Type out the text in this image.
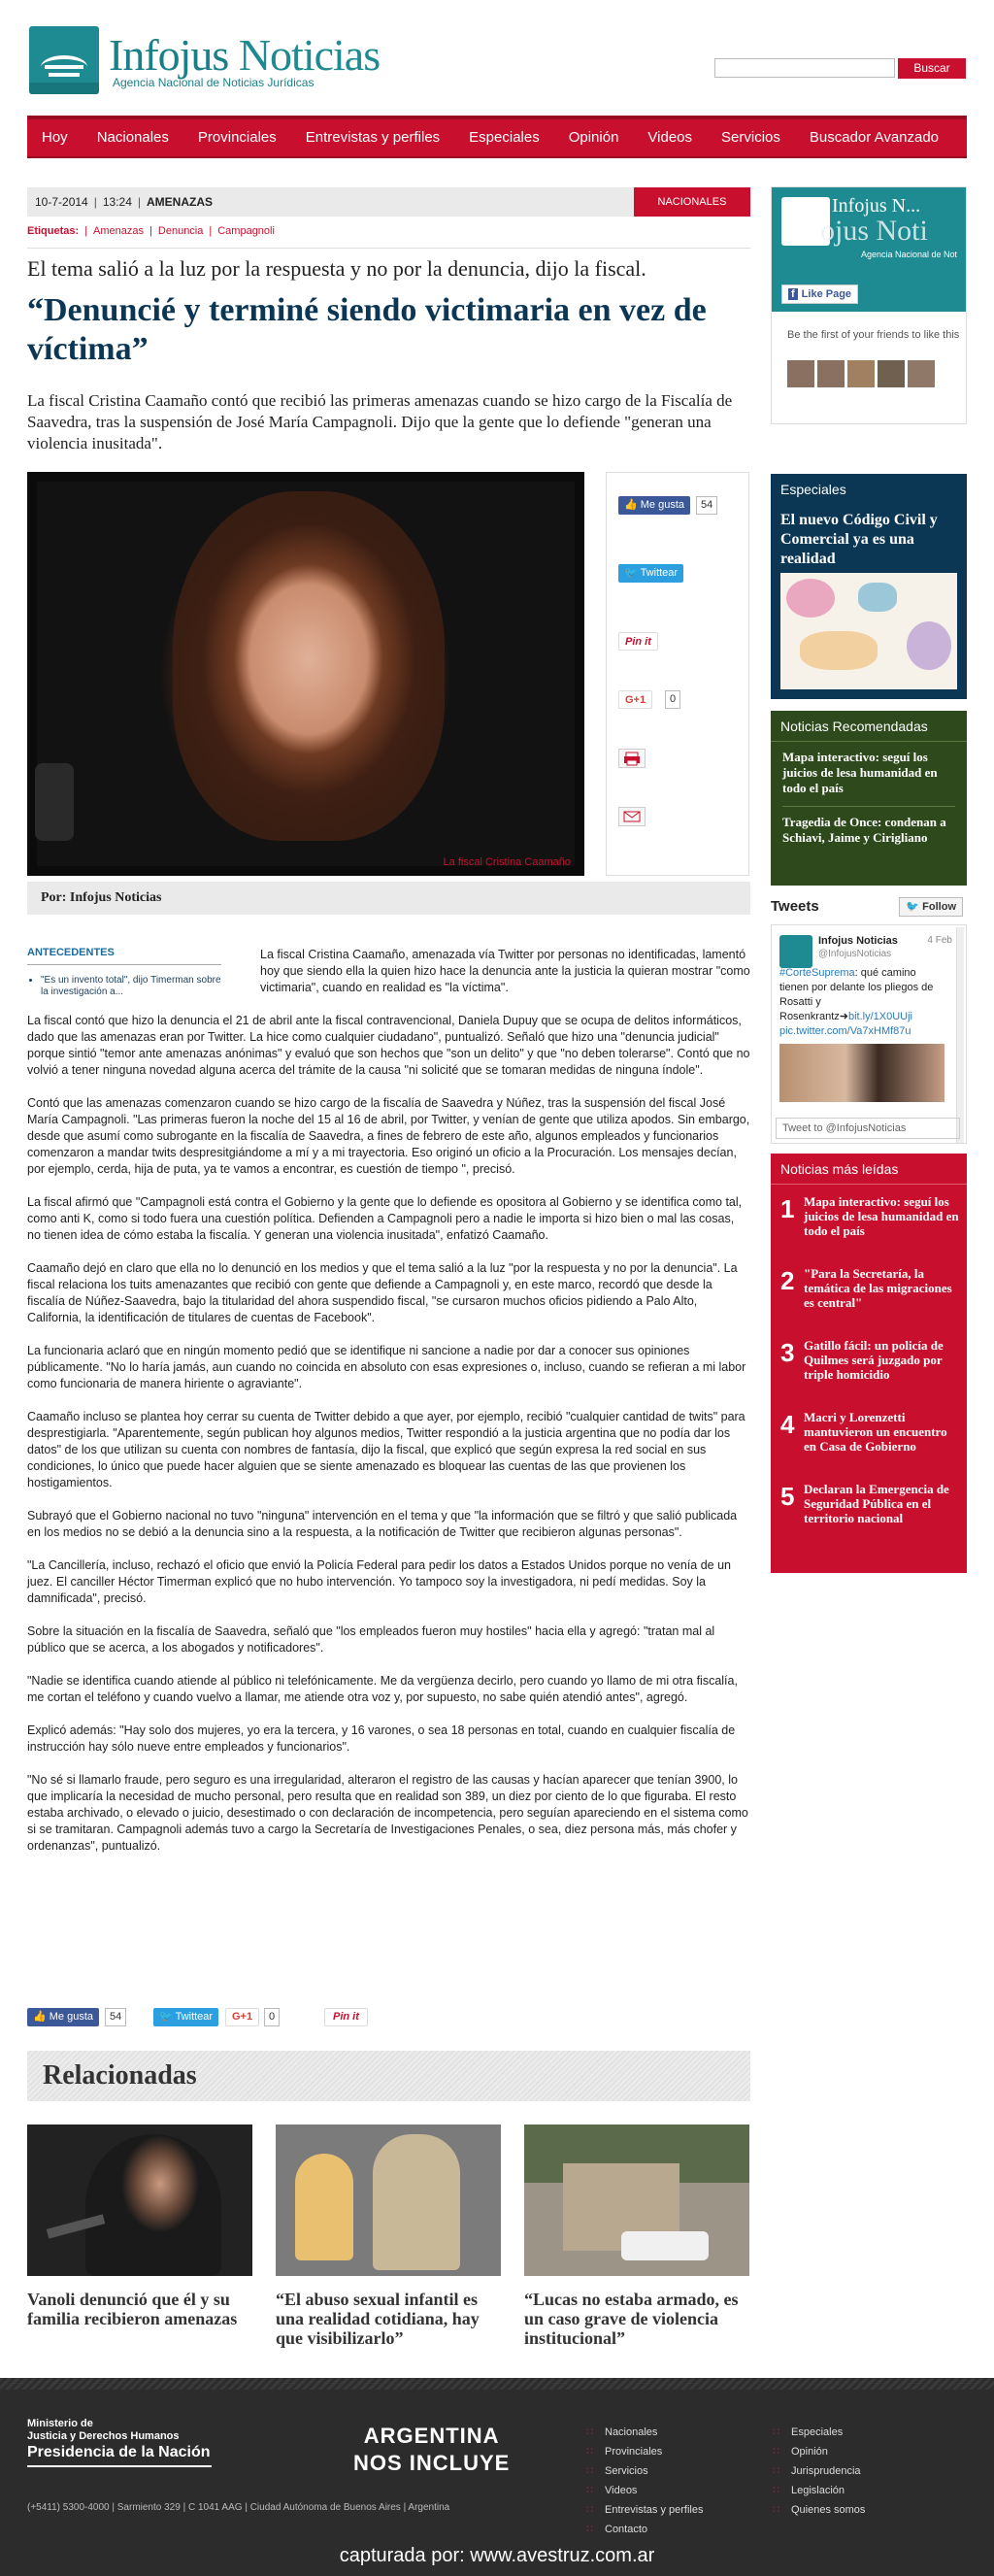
Infojus Noticias
Agencia Nacional de Noticias Jurídicas
Buscar
Hoy	Nacionales	Provinciales	Entrevistas y perfiles	Especiales	Opinión	Videos	Servicios	Buscador Avanzado
10-7-2014 | 13:24 | AMENAZAS	NACIONALES
Etiquetas: | Amenazas | Denuncia | Campagnoli
El tema salió a la luz por la respuesta y no por la denuncia, dijo la fiscal.
“Denuncié y terminé siendo victimaria en vez de víctima”

La fiscal Cristina Caamaño contó que recibió las primeras amenazas cuando se hizo cargo de la Fiscalía de Saavedra, tras la suspensión de José María Campagnoli. Dijo que la gente que lo defiende "generan una violencia inusitada".

La fiscal Cristina Caamaño
👍 Me gusta	54
🐦 Twittear
Pin it
G+1	0
Por: Infojus Noticias

La fiscal Cristina Caamaño, amenazada vía Twitter por personas no identificadas, lamentó hoy que siendo ella la quien hizo hace la denuncia ante la justicia la quieran mostrar "como victimaria", cuando en realidad es "la víctima".

La fiscal contó que hizo la denuncia el 21 de abril ante la fiscal contravencional, Daniela Dupuy que se ocupa de delitos informáticos, dado que las amenazas eran por Twitter. La hice como cualquier ciudadano", puntualizó. Señaló que hizo una "denuncia judicial" porque sintió "temor ante amenazas anónimas" y evaluó que son hechos que "son un delito" y que "no deben tolerarse". Contó que no volvió a tener ninguna novedad alguna acerca del trámite de la causa "ni solicité que se tomaran medidas de ninguna índole".

Contó que las amenazas comenzaron cuando se hizo cargo de la fiscalía de Saavedra y Núñez, tras la suspensión del fiscal José María Campagnoli. "Las primeras fueron la noche del 15 al 16 de abril, por Twitter, y venían de gente que utiliza apodos. Sin embargo, desde que asumí como subrogante en la fiscalía de Saavedra, a fines de febrero de este año, algunos empleados y funcionarios comenzaron a mandar twits despresitgiándome a mí y a mi trayectoria. Eso originó un oficio a la Procuración. Los mensajes decían, por ejemplo, cerda, hija de puta, ya te vamos a encontrar, es cuestión de tiempo ", precisó.

La fiscal afirmó que "Campagnoli está contra el Gobierno y la gente que lo defiende es opositora al Gobierno y se identifica como tal, como anti K, como si todo fuera una cuestión política. Defienden a Campagnoli pero a nadie le importa si hizo bien o mal las cosas, no tienen idea de cómo estaba la fiscalía. Y generan una violencia inusitada", enfatizó Caamaño.

Caamaño dejó en claro que ella no lo denunció en los medios y que el tema salió a la luz "por la respuesta y no por la denuncia". La fiscal relaciona los tuits amenazantes que recibió con gente que defiende a Campagnoli y, en este marco, recordó que desde la fiscalía de Núñez-Saavedra, bajo la titularidad del ahora suspendido fiscal, "se cursaron muchos oficios pidiendo a Palo Alto, California, la identificación de titulares de cuentas de Facebook".

La funcionaria aclaró que en ningún momento pedió que se identifique ni sancione a nadie por dar a conocer sus opiniones públicamente. "No lo haría jamás, aun cuando no coincida en absoluto con esas expresiones o, incluso, cuando se refieran a mi labor como funcionaria de manera hiriente o agraviante".

Caamaño incluso se plantea hoy cerrar su cuenta de Twitter debido a que ayer, por ejemplo, recibió "cualquier cantidad de twits" para desprestigiarla. "Aparentemente, según publican hoy algunos medios, Twitter respondió a la justicia argentina que no podía dar los datos" de los que utilizan su cuenta con nombres de fantasía, dijo la fiscal, que explicó que según expresa la red social en sus condiciones, lo único que puede hacer alguien que se siente amenazado es bloquear las cuentas de las que provienen los hostigamientos.

Subrayó que el Gobierno nacional no tuvo "ninguna" intervención en el tema y que "la información que se filtró y que salió publicada en los medios no se debió a la denuncia sino a la respuesta, a la notificación de Twitter que recibieron algunas personas".

"La Cancillería, incluso, rechazó el oficio que envió la Policía Federal para pedir los datos a Estados Unidos porque no venía de un juez. El canciller Héctor Timerman explicó que no hubo intervención. Yo tampoco soy la investigadora, ni pedí medidas. Soy la damnificada", precisó.

Sobre la situación en la fiscalía de Saavedra, señaló que "los empleados fueron muy hostiles" hacia ella y agregó: "tratan mal al público que se acerca, a los abogados y notificadores".

"Nadie se identifica cuando atiende al público ni telefónicamente. Me da vergüenza decirlo, pero cuando yo llamo de mi otra fiscalía, me cortan el teléfono y cuando vuelvo a llamar, me atiende otra voz y, por supuesto, no sabe quién atendió antes", agregó.

Explicó además: "Hay solo dos mujeres, yo era la tercera, y 16 varones, o sea 18 personas en total, cuando en cualquier fiscalía de instrucción hay sólo nueve entre empleados y funcionarios".

"No sé si llamarlo fraude, pero seguro es una irregularidad, alteraron el registro de las causas y hacían aparecer que tenían 3900, lo que implicaría la necesidad de mucho personal, pero resulta que en realidad son 389, un diez por ciento de lo que figuraba. El resto estaba archivado, o elevado o juicio, desestimado o con declaración de incompetencia, pero seguían apareciendo en el sistema como si se tramitaran. Campagnoli además tuvo a cargo la Secretaría de Investigaciones Penales, o sea, diez persona más, más chofer y ordenanzas", puntualizó.

ANTECEDENTES
• "Es un invento total", dijo Timerman sobre la investigación a...
👍 Me gusta	54	🐦 Twittear	G+1	0	Pin it
Relacionadas
Vanoli denunció que él y su familia recibieron amenazas
“El abuso sexual infantil es una realidad cotidiana, hay que visibilizarlo”
“Lucas no estaba armado, es un caso grave de violencia institucional”
ojus Noti
Infojus N...
Agencia Nacional de Not
f Like Page
Be the first of your friends to like this
Especiales
El nuevo Código Civil y Comercial ya es una realidad
Noticias Recomendadas
Mapa interactivo: seguí los juicios de lesa humanidad en todo el país
Tragedia de Once: condenan a Schiavi, Jaime y Cirigliano
Tweets	🐦 Follow
Infojus Noticias
@InfojusNoticias
4 Feb
#CorteSuprema: qué camino tienen por delante los pliegos de Rosatti y Rosenkrantz➜bit.ly/1X0UUji pic.twitter.com/Va7xHMf87u
Tweet to @InfojusNoticias
Noticias más leídas
1 Mapa interactivo: seguí los juicios de lesa humanidad en todo el país
2 "Para la Secretaría, la temática de las migraciones es central"
3 Gatillo fácil: un policía de Quilmes será juzgado por triple homicidio
4 Macri y Lorenzetti mantuvieron un encuentro en Casa de Gobierno
5 Declaran la Emergencia de Seguridad Pública en el territorio nacional
Ministerio de
Justicia y Derechos Humanos
Presidencia de la Nación
ARGENTINA
NOS INCLUYE
(+5411) 5300-4000 | Sarmiento 329 | C 1041 AAG | Ciudad Autónoma de Buenos Aires | Argentina
∷ Nacionales
∷ Provinciales
∷ Servicios
∷ Videos
∷ Entrevistas y perfiles
∷ Contacto
∷ Especiales
∷ Opinión
∷ Jurisprudencia
∷ Legislación
∷ Quienes somos
capturada por: www.avestruz.com.ar
